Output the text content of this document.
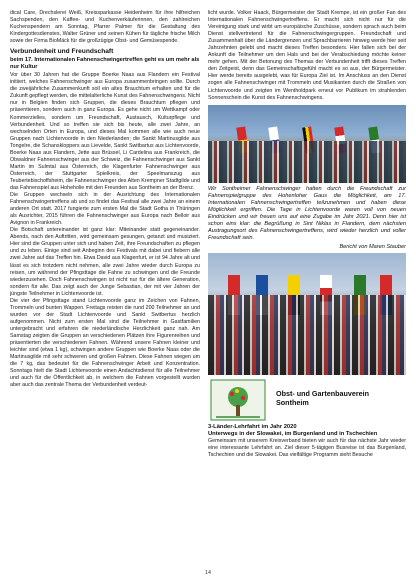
dical Care, Drechslerei Weiß, Kreissparkasse Heidenheim für ihre hilfreichen Sachspenden, den Kaffee- und Kuchenverkäuferinnen, den zahlreichen Kuchenspendern am Sonntag, Pfarrer Palmer für die Gestaltung des Kindergottesdienstes, Walter Grüner und seinen Kühen für tägliche frische Milch sowie der Firma BioMäck für die großzügige Obst- und Gemüsespende.

Verbundenheit und Freundschaft
beim 17. Internationalen Fahnenschwingertreffen geht es um mehr als nur Kultur

Vor über 30 Jahren hat die Gruppe Boerke Naas aus Flandern ein Festival initiiert, welches Fahnenschwinger aus Europa zusammenbringen sollte. Durch die zweijährliche Zusammenkunft soll ein altes Brauchtum erhalten und für die Zukunft gepflegt werden, die mittelalterliche Kunst des Fahnenschwingens. Nicht nur in Belgien finden sich Gruppen, die dieses Brauchtum pflegen und präsentieren, sondern auch in ganz Europa. Es gehe nicht um Wettkampf oder Kommerzielles, sondern um Freundschaft, Austausch, Kulturpflege und Verbundenheit. Und so treffen sie sich bis heute, alle zwei Jahre, an wechselnden Orten in Europa, und dieses Mal kommen alle wie auch neue Gruppen nach Lichtervoorde in den Niederlanden; die Sankt Martinusgilde aus Tongelre, die Schanskloppers aus Lievelde, Sankt Switbartus aus Lichtenvoorde, Boerke Naas aus Flandern, Jette aus Brüssel, Li Cardelina aus Frankreich, die Obwaldner Fahnenschwinger aus der Schweiz, die Fahnenschwinger aus Sankt Martin im Sulmtal aus Österreich, die Klagenfurter Fahnenschwinger aus Österreich, der Stuttgarter Spielkreis, der Speelmanszug aus Teubertebischoffsheim, die Fahnenschwinger des Alten Krempner Stadtgilde und das Fahnenspiel aus Hoheholie mit den Freunden aus Sontheim an der Brenz.

Die Gruppen wechseln sich in der Ausrichtung des Internationalen Fahnenschwingertreffens ab und so findet das Festival alle zwei Jahre an einem anderen Ort statt. 2017 fungierte zum ersten Mal die Stadt Gotha in Thüringen als Ausrichter, 2015 führen die Fahnenschwinger aus Europa nach Belloir aus Avignon in Frankreich.

Die Botschaft untereinander ist ganz klar: Miteinander statt gegeneinander. Abends, nach den Auftritten, wird gemeinsam gesungen, getanzt und musiziert. Hier sind die Gruppen unter sich und haben Zeit, ihre Freundschaften zu pflegen und zu leben. Einige sind seit Anbeginn des Festivals mit dabei und fiebern alle zwei Jahre auf das Treffen hin. Etwa David aus Klagenfurt, er ist 94 Jahre alt und lässt es sich trotzdem nicht nehmen, alle zwei Jahre wieder durch Europa zu reisen, um während der Pfingsttage die Fahne zu schwingen und die Freunde wiederzusehen. Doch Fahnenschwingen ist nicht nur für die ältere Generation, sondern für alle. Das zeigt auch der Junge Sebastian, der mit vier Jahren der jüngste Teilnehmer in Lichtenvoorde ist.

Die vier der Pfingsttage stand Lichtenvoorde ganz im Zeichen von Fahnen, Trommeln und bunten Wappen. Freitags reisten die rund 200 Teilnehmer an und wurden vor der Stadt Lichtenvoorde und Sankt Switbertus herzlich aufgenommen. Nicht zum ersten Mal sind die Teilnehmer in Gastfamilien untergebracht und erfahren die niederländische Herzlichkeit ganz nah. Am Samstag zeigten die Gruppen an verschiedenen Plätzen ihre Figurenreihen und präsentierten die verschiedenen Fahnen. Während unsere Fahnen kleiner und leichter sind (etwa 1 kg), schwingen andere Gruppen wie Boerke Naas oder die Martinusgilde mit sehr schweren und großen Fahnen. Diese Fahnen wiegen um die 7 kg, das bedeutet für die Fahnenschwinger Arbeit und Konzentration. Sonntags hielt die Stadt Lichtenvoorde einen Andachtsdienst für alle Teilnehmer und auch für die Öffentlichkeit ab, in welchem die Fahnen vorgestellt wurden aber auch das zentrale Thema der Verbundenheit verdeut-

licht wurde. Volker Haack, Bürgermeister der Stadt Krempe, ist ein großer Fan des Internationalen Fahnenschwingertreffens. Er macht sich nicht nur für die Vereinigung stark und wirbt um europäische Zuschüsse, sondern sprach auch beim Dienst stellvertretend für die Fahnenschwingergruppen. Freundschaft und Zusammenhalt über die Ländergrenzen und Sprachbarrieren hinweg werde hier seit Jahrzehnten gelebt und macht dieses Treffen besonders. Hier fallen sich bei der Ankunft die Teilnehmer um den Hals und bei der Verabschiedung möchte keiner mehr gehen. Mit der Betonung des Themas der Verbundenheit trifft dieses Treffen den Zeitgeist, denn das Gemeinschaftsgefühl macht es so aus, der Bürgermeister. Hier werde bereits ausgelebt, was für Europa Ziel ist. Im Anschluss an den Dienst zogen alle Fahnenschwinger mit Trommeln und Musikanten durch die Straßen von Lichtenvoorde und zeigten im Wentholdpark erneut vor Publikum im strahlenden Sonnenschein die Kunst des Fahnenschwingens.

Wir Sontheimer Fahnenschwinger hatten durch die Freundschaft zur Fahnenspielgruppe des Hohenloher Gaus die Möglichkeit, am 17. Internationalen Fahnenschwingertreffen teilzunehmen und haben diese Möglichkeit ergriffen. Die Tage in Lichtenvoorde waren voll von neuen Eindrücken und wir freuen uns auf eine Zugabe im Jahr 2021. Denn hier ist schon eins klar: die Begrüßung in Sint Niklas in Flandern, dem nächsten Austragungsort des Fahnenschwingertreffens, wird wieder herzlich und voller Freundschaft sein.

Bericht von Maren Stauber

Obst- und Gartenbauverein
Sontheim
3-Länder-Lehrfahrt im Jahr 2020
Unterwegs in der Slowakei, im Burgenland und in Tschechien

Gemeinsam mit unserem Kreisverband bieten wir auch für das nächste Jahr wieder eine interessante Lehrfahrt an. Ziel dieser 5-tägigen Busreise ist das Burgenland, Tschechien und die Slowakei. Das vielfältige Programm sieht Besuche

14
